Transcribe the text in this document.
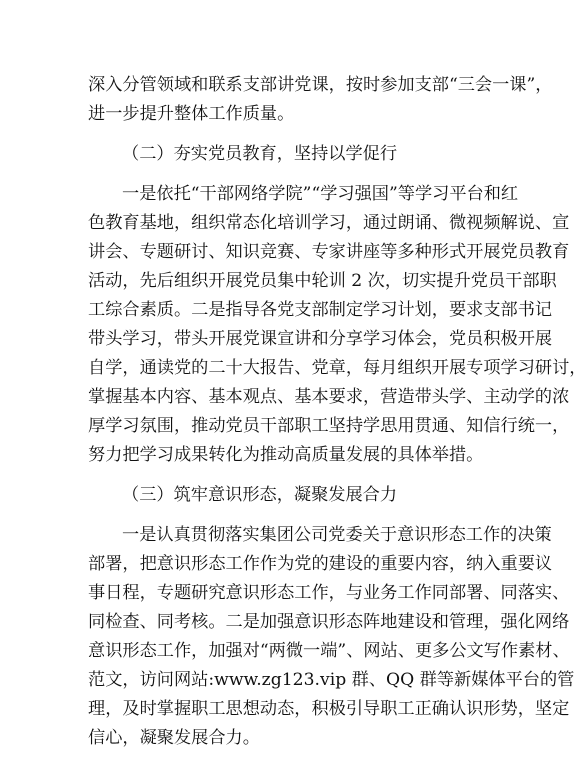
深入分管领域和联系支部讲党课，按时参加支部“三会一课”，
进一步提升整体工作质量。
（二）夯实党员教育，坚持以学促行
一是依托“干部网络学院”“学习强国”等学习平台和红
色教育基地，组织常态化培训学习，通过朗诵、微视频解说、宣
讲会、专题研讨、知识竞赛、专家讲座等多种形式开展党员教育
活动，先后组织开展党员集中轮训 2 次，切实提升党员干部职
工综合素质。二是指导各党支部制定学习计划，要求支部书记
带头学习，带头开展党课宣讲和分享学习体会，党员积极开展
自学，通读党的二十大报告、党章，每月组织开展专项学习研讨，
掌握基本内容、基本观点、基本要求，营造带头学、主动学的浓
厚学习氛围，推动党员干部职工坚持学思用贯通、知信行统一，
努力把学习成果转化为推动高质量发展的具体举措。
（三）筑牢意识形态，凝聚发展合力
一是认真贯彻落实集团公司党委关于意识形态工作的决策
部署，把意识形态工作作为党的建设的重要内容，纳入重要议
事日程，专题研究意识形态工作，与业务工作同部署、同落实、
同检查、同考核。二是加强意识形态阵地建设和管理，强化网络
意识形态工作，加强对“两微一端”、网站、更多公文写作素材、
范文，访问网站:www.zg123.vip 群、QQ 群等新媒体平台的管
理，及时掌握职工思想动态，积极引导职工正确认识形势，坚定
信心，凝聚发展合力。
